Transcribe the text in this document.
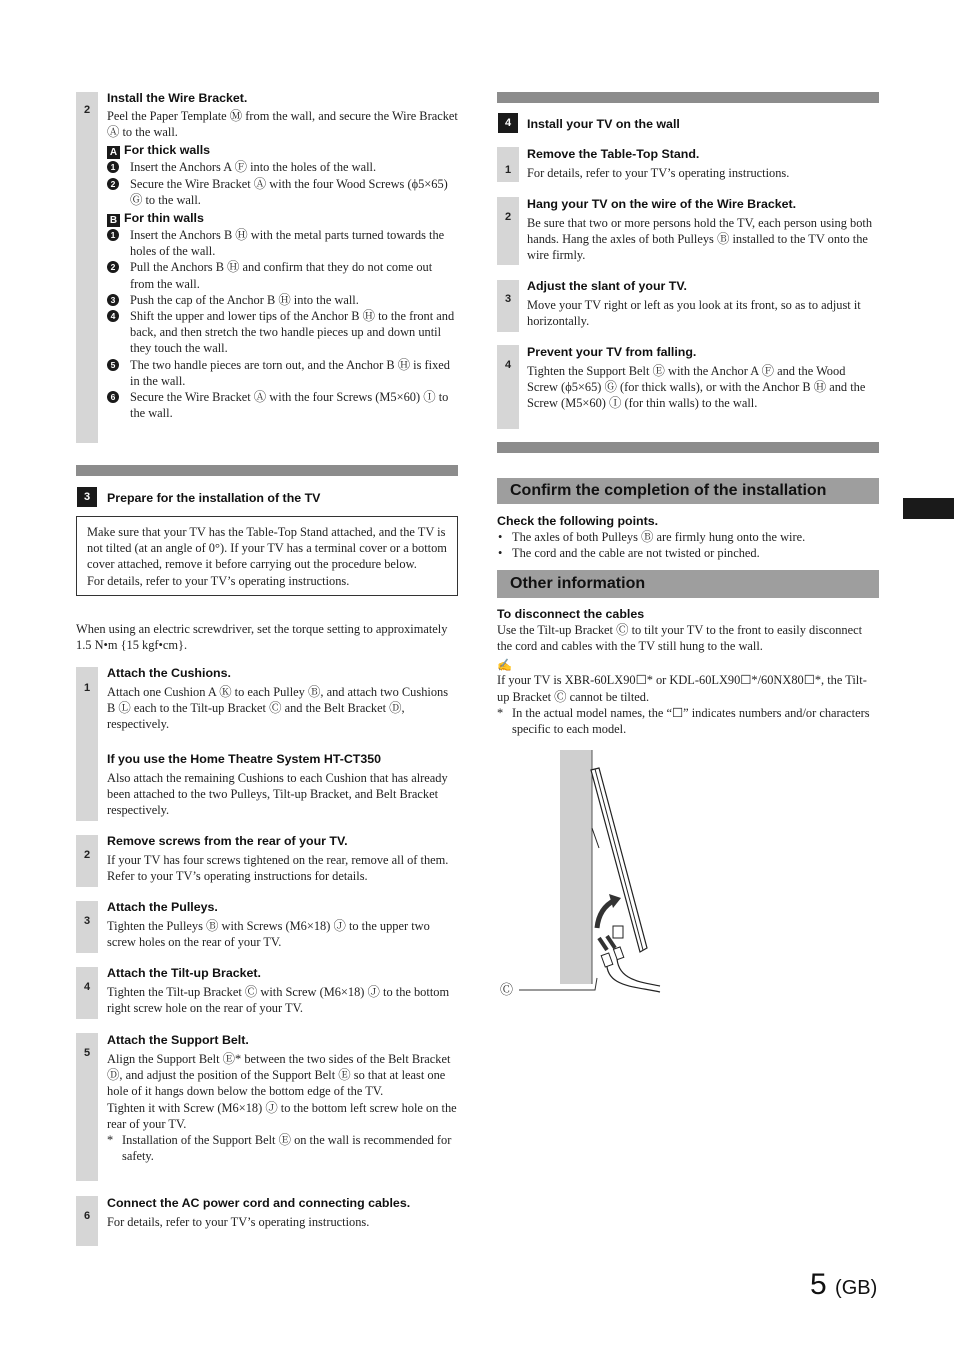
2
Install the Wire Bracket.
Peel the Paper Template Ⓜ from the wall, and secure the Wire Bracket Ⓐ to the wall.
A For thick walls
1 Insert the Anchors A Ⓕ into the holes of the wall.
2 Secure the Wire Bracket Ⓐ with the four Wood Screws (ϕ5×65) Ⓖ to the wall.
B For thin walls
1 Insert the Anchors B Ⓗ with the metal parts turned towards the holes of the wall.
2 Pull the Anchors B Ⓗ and confirm that they do not come out from the wall.
3 Push the cap of the Anchor B Ⓗ into the wall.
4 Shift the upper and lower tips of the Anchor B Ⓗ to the front and back, and then stretch the two handle pieces up and down until they touch the wall.
5 The two handle pieces are torn out, and the Anchor B Ⓗ is fixed in the wall.
6 Secure the Wire Bracket Ⓐ with the four Screws (M5×60) Ⓘ to the wall.
3	Prepare for the installation of the TV
Make sure that your TV has the Table-Top Stand attached, and the TV is not tilted (at an angle of 0°). If your TV has a terminal cover or a bottom cover attached, remove it before carrying out the procedure below.
For details, refer to your TV’s operating instructions.
When using an electric screwdriver, set the torque setting to approximately 1.5 N•m {15 kgf•cm}.
1
Attach the Cushions.
Attach one Cushion A Ⓚ to each Pulley Ⓑ, and attach two Cushions B Ⓛ each to the Tilt-up Bracket Ⓒ and the Belt Bracket Ⓓ, respectively.
If you use the Home Theatre System HT-CT350
Also attach the remaining Cushions to each Cushion that has already been attached to the two Pulleys, Tilt-up Bracket, and Belt Bracket respectively.
2
Remove screws from the rear of your TV.
If your TV has four screws tightened on the rear, remove all of them. Refer to your TV’s operating instructions for details.
3
Attach the Pulleys.
Tighten the Pulleys Ⓑ with Screws (M6×18) Ⓙ to the upper two screw holes on the rear of your TV.
4
Attach the Tilt-up Bracket.
Tighten the Tilt-up Bracket Ⓒ with Screw (M6×18) Ⓙ to the bottom right screw hole on the rear of your TV.
5
Attach the Support Belt.
Align the Support Belt Ⓔ* between the two sides of the Belt Bracket Ⓓ, and adjust the position of the Support Belt Ⓔ so that at least one hole of it hangs down below the bottom edge of the TV.
Tighten it with Screw (M6×18) Ⓙ to the bottom left screw hole on the rear of your TV.
* Installation of the Support Belt Ⓔ on the wall is recommended for safety.
6
Connect the AC power cord and connecting cables.
For details, refer to your TV’s operating instructions.
4	Install your TV on the wall
1
Remove the Table-Top Stand.
For details, refer to your TV’s operating instructions.
2
Hang your TV on the wire of the Wire Bracket.
Be sure that two or more persons hold the TV, each person using both hands. Hang the axles of both Pulleys Ⓑ installed to the TV onto the wire firmly.
3
Adjust the slant of your TV.
Move your TV right or left as you look at its front, so as to adjust it horizontally.
4
Prevent your TV from falling.
Tighten the Support Belt Ⓔ with the Anchor A Ⓕ and the Wood Screw (ϕ5×65) Ⓖ (for thick walls), or with the Anchor B Ⓗ and the Screw (M5×60) Ⓘ (for thin walls) to the wall.
Confirm the completion of the installation
Check the following points.
• The axles of both Pulleys Ⓑ are firmly hung onto the wire.
• The cord and the cable are not twisted or pinched.
Other information
To disconnect the cables
Use the Tilt-up Bracket Ⓒ to tilt your TV to the front to easily disconnect the cord and cables with the TV still hung to the wall.
✍
If your TV is XBR-60LX90☐* or KDL-60LX90☐*/60NX80☐*, the Tilt-up Bracket Ⓒ cannot be tilted.
* In the actual model names, the “☐” indicates numbers and/or characters specific to each model.
Ⓒ
5 (GB)
